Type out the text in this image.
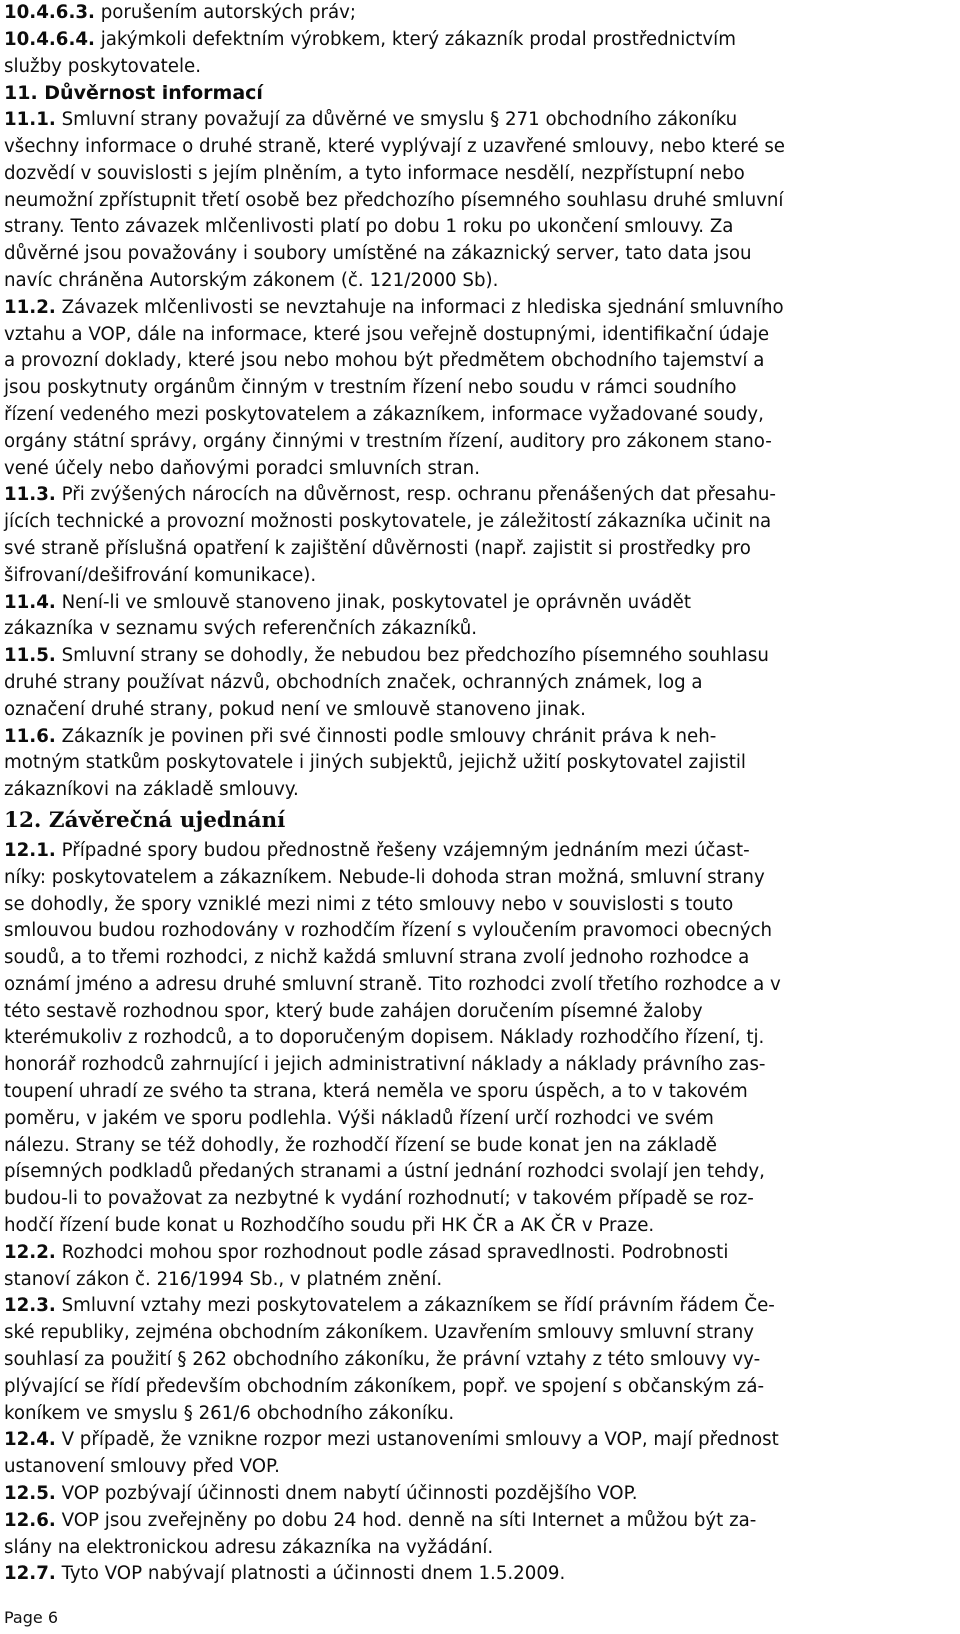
10.4.6.3. porušením autorských práv;
10.4.6.4. jakýmkoli defektním výrobkem, který zákazník prodal prostřednictvím
služby poskytovatele.
11. Důvěrnost informací
11.1. Smluvní strany považují za důvěrné ve smyslu § 271 obchodního zákoníku
všechny informace o druhé straně, které vyplývají z uzavřené smlouvy, nebo které se
dozvědí v souvislosti s jejím plněním, a tyto informace nesdělí, nezpřístupní nebo
neumožní zpřístupnit třetí osobě bez předchozího písemného souhlasu druhé smluvní
strany. Tento závazek mlčenlivosti platí po dobu 1 roku po ukončení smlouvy. Za
důvěrné jsou považovány i soubory umístěné na zákaznický server, tato data jsou
navíc chráněna Autorským zákonem (č. 121/2000 Sb).
11.2. Závazek mlčenlivosti se nevztahuje na informaci z hlediska sjednání smluvního
vztahu a VOP, dále na informace, které jsou veřejně dostupnými, identifikační údaje
a provozní doklady, které jsou nebo mohou být předmětem obchodního tajemství a
jsou poskytnuty orgánům činným v trestním řízení nebo soudu v rámci soudního
řízení vedeného mezi poskytovatelem a zákazníkem, informace vyžadované soudy,
orgány státní správy, orgány činnými v trestním řízení, auditory pro zákonem stano-
vené účely nebo daňovými poradci smluvních stran.
11.3. Při zvýšených nárocích na důvěrnost, resp. ochranu přenášených dat přesahu-
jících technické a provozní možnosti poskytovatele, je záležitostí zákazníka učinit na
své straně příslušná opatření k zajištění důvěrnosti (např. zajistit si prostředky pro
šifrovaní/dešifrování komunikace).
11.4. Není-li ve smlouvě stanoveno jinak, poskytovatel je oprávněn uvádět
zákazníka v seznamu svých referenčních zákazníků.
11.5. Smluvní strany se dohodly, že nebudou bez předchozího písemného souhlasu
druhé strany používat názvů, obchodních značek, ochranných známek, log a
označení druhé strany, pokud není ve smlouvě stanoveno jinak.
11.6. Zákazník je povinen při své činnosti podle smlouvy chránit práva k neh-
motným statkům poskytovatele i jiných subjektů, jejichž užití poskytovatel zajistil
zákazníkovi na základě smlouvy.
12. Závěrečná ujednání
12.1. Případné spory budou přednostně řešeny vzájemným jednáním mezi účast-
níky: poskytovatelem a zákazníkem. Nebude-li dohoda stran možná, smluvní strany
se dohodly, že spory vzniklé mezi nimi z této smlouvy nebo v souvislosti s touto
smlouvou budou rozhodovány v rozhodčím řízení s vyloučením pravomoci obecných
soudů, a to třemi rozhodci, z nichž každá smluvní strana zvolí jednoho rozhodce a
oznámí jméno a adresu druhé smluvní straně. Tito rozhodci zvolí třetího rozhodce a v
této sestavě rozhodnou spor, který bude zahájen doručením písemné žaloby
kterémukoliv z rozhodců, a to doporučeným dopisem. Náklady rozhodčího řízení, tj.
honorář rozhodců zahrnující i jejich administrativní náklady a náklady právního zas-
toupení uhradí ze svého ta strana, která neměla ve sporu úspěch, a to v takovém
poměru, v jakém ve sporu podlehla. Výši nákladů řízení určí rozhodci ve svém
nálezu. Strany se též dohodly, že rozhodčí řízení se bude konat jen na základě
písemných podkladů předaných stranami a ústní jednání rozhodci svolají jen tehdy,
budou-li to považovat za nezbytné k vydání rozhodnutí; v takovém případě se roz-
hodčí řízení bude konat u Rozhodčího soudu při HK ČR a AK ČR v Praze.
12.2. Rozhodci mohou spor rozhodnout podle zásad spravedlnosti. Podrobnosti
stanoví zákon č. 216/1994 Sb., v platném znění.
12.3. Smluvní vztahy mezi poskytovatelem a zákazníkem se řídí právním řádem Če-
ské republiky, zejména obchodním zákoníkem. Uzavřením smlouvy smluvní strany
souhlasí za použití § 262 obchodního zákoníku, že právní vztahy z této smlouvy vy-
plývající se řídí především obchodním zákoníkem, popř. ve spojení s občanským zá-
koníkem ve smyslu § 261/6 obchodního zákoníku.
12.4. V případě, že vznikne rozpor mezi ustanoveními smlouvy a VOP, mají přednost
ustanovení smlouvy před VOP.
12.5. VOP pozbývají účinnosti dnem nabytí účinnosti pozdějšího VOP.
12.6. VOP jsou zveřejněny po dobu 24 hod. denně na síti Internet a můžou být za-
slány na elektronickou adresu zákazníka na vyžádání.
12.7. Tyto VOP nabývají platnosti a účinnosti dnem 1.5.2009.
Page 6
